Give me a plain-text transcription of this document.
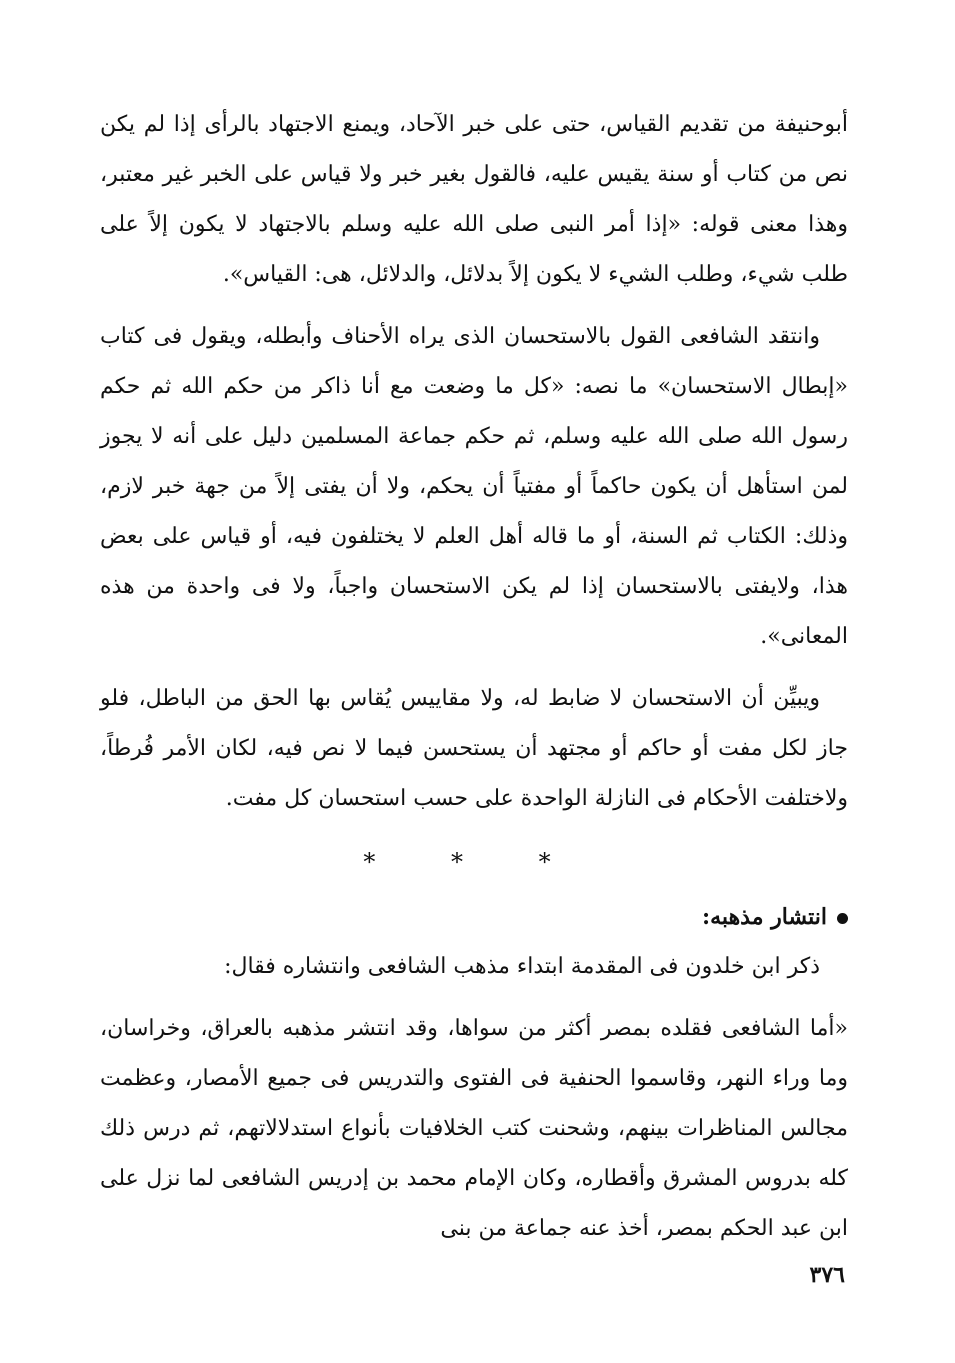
أبوحنيفة من تقديم القياس، حتى على خبر الآحاد، ويمنع الاجتهاد بالرأى إذا لم يكن نص من كتاب أو سنة يقيس عليه، فالقول بغير خبر ولا قياس على الخبر غير معتبر، وهذا معنى قوله: «إذا أمر النبى صلى الله عليه وسلم بالاجتهاد لا يكون إلاً على طلب شيء، وطلب الشيء لا يكون إلاً بدلائل، والدلائل، هى: القياس».

وانتقد الشافعى القول بالاستحسان الذى يراه الأحناف وأبطله، ويقول فى كتاب «إبطال الاستحسان» ما نصه: «كل ما وضعت مع أنا ذاكر من حكم الله ثم حكم رسول الله صلى الله عليه وسلم، ثم حكم جماعة المسلمين دليل على أنه لا يجوز لمن استأهل أن يكون حاكماً أو مفتياً أن يحكم، ولا أن يفتى إلاً من جهة خبر لازم، وذلك: الكتاب ثم السنة، أو ما قاله أهل العلم لا يختلفون فيه، أو قياس على بعض هذا، ولايفتى بالاستحسان إذا لم يكن الاستحسان واجباً، ولا فى واحدة من هذه المعانى».

ويبيِّن أن الاستحسان لا ضابط له، ولا مقاييس يُقاس بها الحق من الباطل، فلو جاز لكل مفت أو حاكم أو مجتهد أن يستحسن فيما لا نص فيه، لكان الأمر فُرطاً، ولاختلفت الأحكام فى النازلة الواحدة على حسب استحسان كل مفت.

* * *
انتشار مذهبه:

ذكر ابن خلدون فى المقدمة ابتداء مذهب الشافعى وانتشاره فقال:

«أما الشافعى فقلده بمصر أكثر من سواها، وقد انتشر مذهبه بالعراق، وخراسان، وما وراء النهر، وقاسموا الحنفية فى الفتوى والتدريس فى جميع الأمصار، وعظمت مجالس المناظرات بينهم، وشحنت كتب الخلافيات بأنواع استدلالاتهم، ثم درس ذلك كله بدروس المشرق وأقطاره، وكان الإمام محمد بن إدريس الشافعى لما نزل على ابن عبد الحكم بمصر، أخذ عنه جماعة من بنى

٣٧٦
